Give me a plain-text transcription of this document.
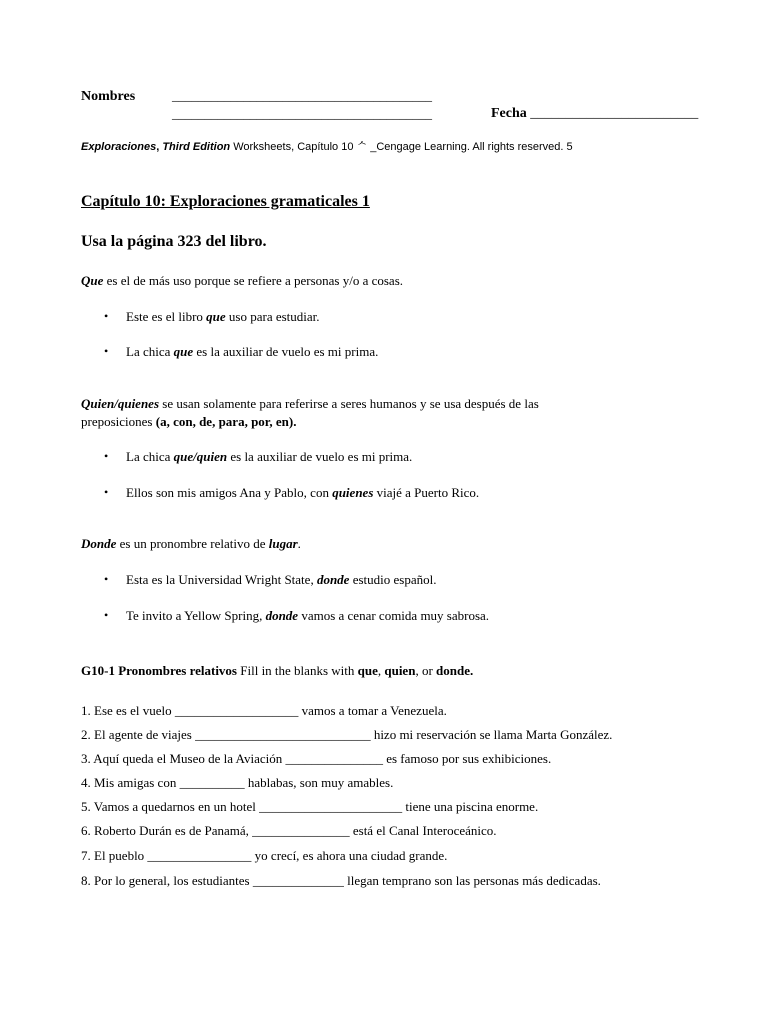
Nombres	________________________________________
________________________________________	Fecha ________________________
Exploraciones, Third Edition Worksheets, Capítulo 10 ᄉ _Cengage Learning. All rights reserved. 5
Capítulo 10: Exploraciones gramaticales 1
Usa la página 323 del libro.
Que es el de más uso porque se refiere a personas y/o a cosas.
• Este es el libro que uso para estudiar.
• La chica que es la auxiliar de vuelo es mi prima.
Quien/quienes se usan solamente para referirse a seres humanos y se usa después de las
preposiciones (a, con, de, para, por, en).
• La chica que/quien es la auxiliar de vuelo es mi prima.
• Ellos son mis amigos Ana y Pablo, con quienes viajé a Puerto Rico.
Donde es un pronombre relativo de lugar.
• Esta es la Universidad Wright State, donde estudio español.
• Te invito a Yellow Spring, donde vamos a cenar comida muy sabrosa.
G10-1 Pronombres relativos Fill in the blanks with que, quien, or donde.
1. Ese es el vuelo ___________________ vamos a tomar a Venezuela.
2. El agente de viajes ___________________________ hizo mi reservación se llama Marta González.
3. Aquí queda el Museo de la Aviación _______________ es famoso por sus exhibiciones.
4. Mis amigas con __________ hablabas, son muy amables.
5. Vamos a quedarnos en un hotel ______________________ tiene una piscina enorme.
6. Roberto Durán es de Panamá, _______________ está el Canal Interoceánico.
7. El pueblo ________________ yo crecí, es ahora una ciudad grande.
8. Por lo general, los estudiantes ______________ llegan temprano son las personas más dedicadas.
